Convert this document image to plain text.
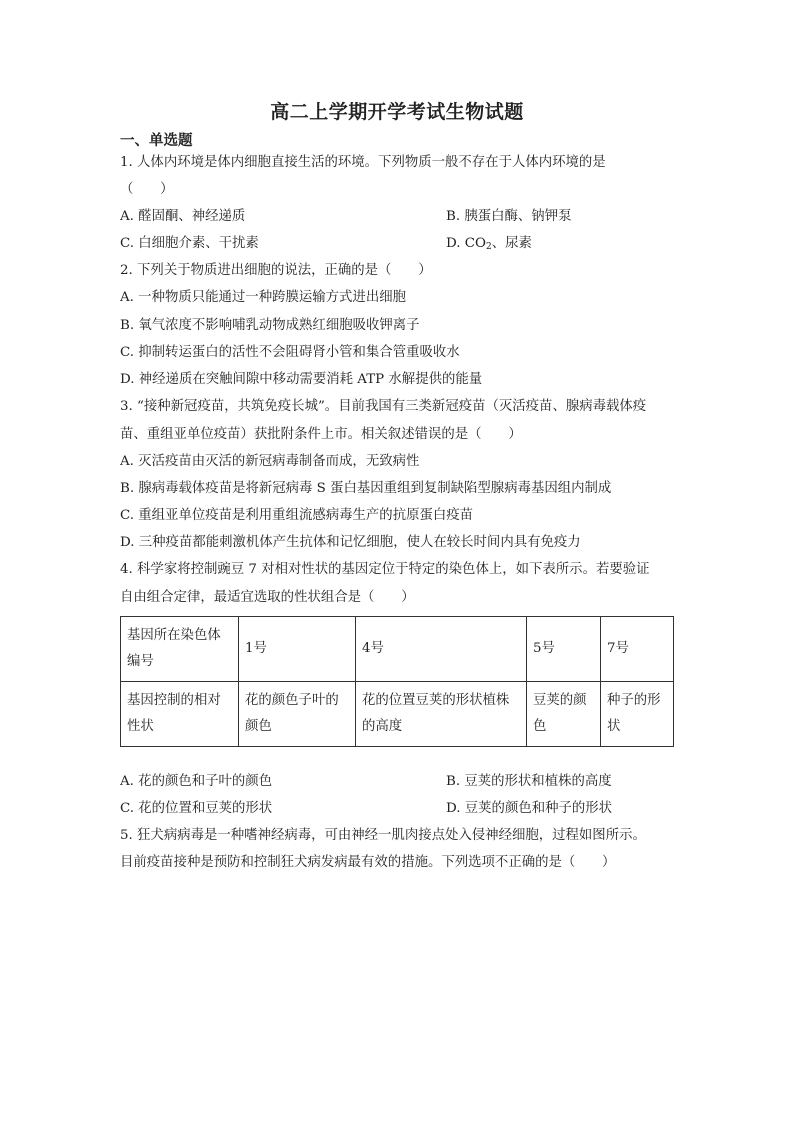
高二上学期开学考试生物试题
一、单选题
1. 人体内环境是体内细胞直接生活的环境。下列物质一般不存在于人体内环境的是
（　　）
A. 醛固酮、神经递质	B. 胰蛋白酶、钠钾泵
C. 白细胞介素、干扰素	D. $CO_2$、尿素
2. 下列关于物质进出细胞的说法，正确的是（　　）
A. 一种物质只能通过一种跨膜运输方式进出细胞
B. 氧气浓度不影响哺乳动物成熟红细胞吸收钾离子
C. 抑制转运蛋白的活性不会阻碍肾小管和集合管重吸收水
D. 神经递质在突触间隙中移动需要消耗 ATP 水解提供的能量
3. “接种新冠疫苗，共筑免疫长城”。目前我国有三类新冠疫苗（灭活疫苗、腺病毒载体疫
苗、重组亚单位疫苗）获批附条件上市。相关叙述错误的是（　　）
A. 灭活疫苗由灭活的新冠病毒制备而成，无致病性
B. 腺病毒载体疫苗是将新冠病毒 S 蛋白基因重组到复制缺陷型腺病毒基因组内制成
C. 重组亚单位疫苗是利用重组流感病毒生产的抗原蛋白疫苗
D. 三种疫苗都能刺激机体产生抗体和记忆细胞，使人在较长时间内具有免疫力
4. 科学家将控制豌豆 7 对相对性状的基因定位于特定的染色体上，如下表所示。若要验证
自由组合定律，最适宜选取的性状组合是（　　）
基因所在染色体编号	1号	4号	5号	7号
基因控制的相对性状	花的颜色子叶的颜色	花的位置豆荚的形状植株的高度	豆荚的颜色	种子的形状
A. 花的颜色和子叶的颜色	B. 豆荚的形状和植株的高度
C. 花的位置和豆荚的形状	D. 豆荚的颜色和种子的形状
5. 狂犬病病毒是一种嗜神经病毒，可由神经一肌肉接点处入侵神经细胞，过程如图所示。
目前疫苗接种是预防和控制狂犬病发病最有效的措施。下列选项不正确的是（　　）
